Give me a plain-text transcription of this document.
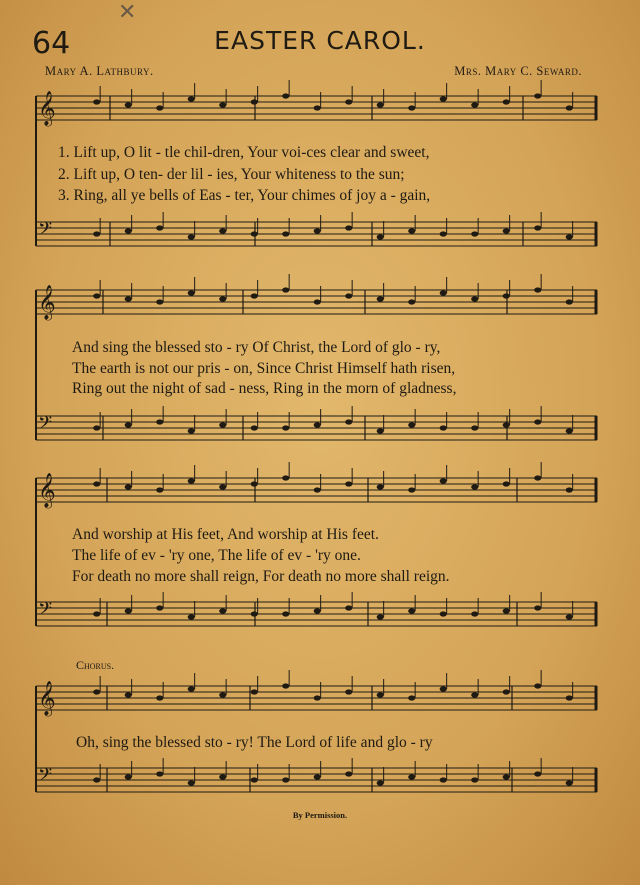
✕
64	EASTER CAROL.
Mary A. Lathbury.	Mrs. Mary C. Seward.
𝄞
𝄢
𝄞
𝄢
𝄞
𝄢
𝄞
𝄢
1. Lift up, O lit - tle chil-dren, Your voi-ces clear and sweet,
2. Lift up, O ten- der lil - ies, Your whiteness to the sun;
3. Ring, all ye bells of Eas - ter, Your chimes of joy a - gain,
And sing the blessed sto - ry Of Christ, the Lord of glo - ry,
The earth is not our pris - on, Since Christ Himself hath risen,
Ring out the night of sad - ness, Ring in the morn of gladness,
And worship at His feet, And worship at His feet.
The life of ev - 'ry one, The life of ev - 'ry one.
For death no more shall reign, For death no more shall reign.
Chorus.
Oh, sing the blessed sto - ry! The Lord of life and glo - ry
By Permission.
